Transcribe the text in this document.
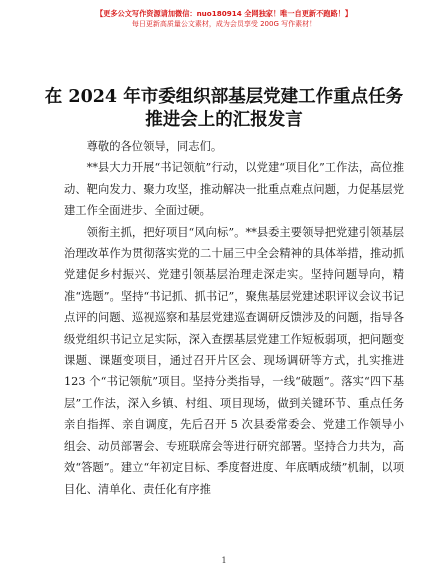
【更多公文写作资源请加微信：nuo180914 全网独家！唯一自更新不跑路！】
每日更新高质量公文素材，成为会员享受 200G 写作素材！
在 2024 年市委组织部基层党建工作重点任务推进会上的汇报发言

尊敬的各位领导，同志们。

**县大力开展“书记领航”行动，以党建“项目化”工作法，高位推动、靶向发力、聚力攻坚，推动解决一批重点难点问题，力促基层党建工作全面进步、全面过硬。

领衔主抓，把好项目“风向标”。**县委主要领导把党建引领基层治理改革作为贯彻落实党的二十届三中全会精神的具体举措，推动抓党建促乡村振兴、党建引领基层治理走深走实。坚持问题导向，精准“选题”。坚持“书记抓、抓书记”，聚焦基层党建述职评议会议书记点评的问题、巡视巡察和基层党建巡查调研反馈涉及的问题，指导各级党组织书记立足实际，深入查摆基层党建工作短板弱项，把问题变课题、课题变项目，通过召开片区会、现场调研等方式，扎实推进 123 个“书记领航”项目。坚持分类指导，一线“破题”。落实“四下基层”工作法，深入乡镇、村组、项目现场，做到关键环节、重点任务亲自指挥、亲自调度，先后召开 5 次县委常委会、党建工作领导小组会、动员部署会、专班联席会等进行研究部署。坚持合力共为，高效“答题”。建立“年初定目标、季度督进度、年底晒成绩”机制，以项目化、清单化、责任化有序推

1
